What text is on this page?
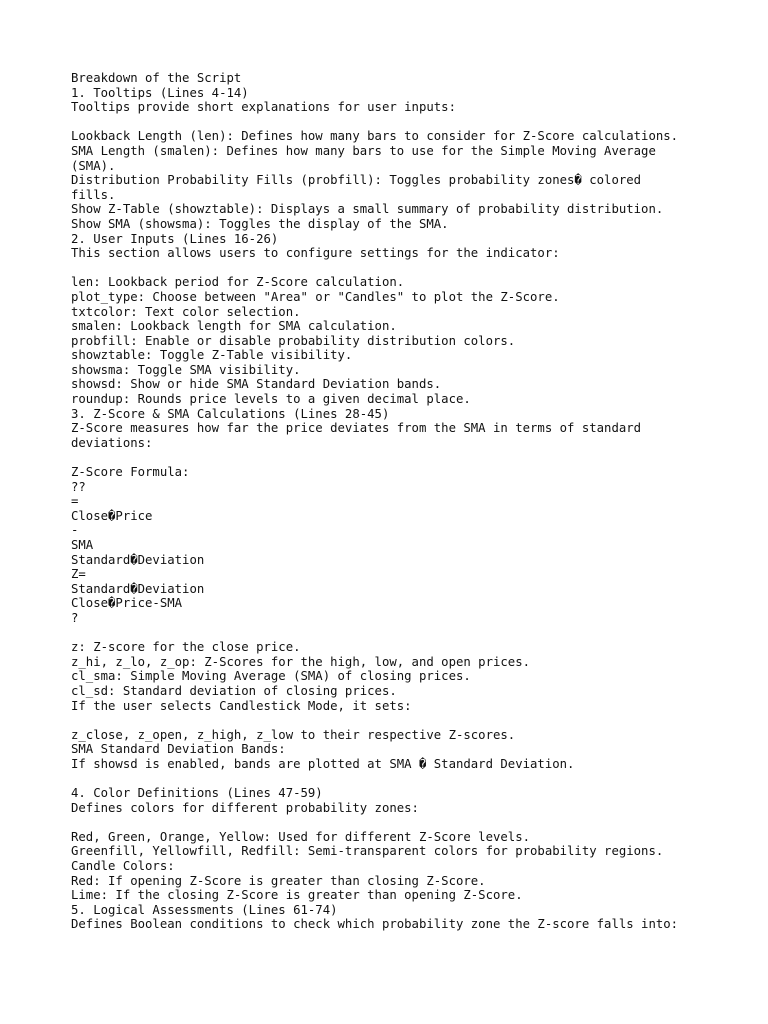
Breakdown of the Script
1. Tooltips (Lines 4-14)
Tooltips provide short explanations for user inputs:
Lookback Length (len): Defines how many bars to consider for Z-Score calculations.
SMA Length (smalen): Defines how many bars to use for the Simple Moving Average
(SMA).
Distribution Probability Fills (probfill): Toggles probability zones� colored
fills.
Show Z-Table (showztable): Displays a small summary of probability distribution.
Show SMA (showsma): Toggles the display of the SMA.
2. User Inputs (Lines 16-26)
This section allows users to configure settings for the indicator:
len: Lookback period for Z-Score calculation.
plot_type: Choose between "Area" or "Candles" to plot the Z-Score.
txtcolor: Text color selection.
smalen: Lookback length for SMA calculation.
probfill: Enable or disable probability distribution colors.
showztable: Toggle Z-Table visibility.
showsma: Toggle SMA visibility.
showsd: Show or hide SMA Standard Deviation bands.
roundup: Rounds price levels to a given decimal place.
3. Z-Score & SMA Calculations (Lines 28-45)
Z-Score measures how far the price deviates from the SMA in terms of standard
deviations:
Z-Score Formula:
??
=
Close�Price
-
SMA
Standard�Deviation
Z=
Standard�Deviation
Close�Price-SMA
?
z: Z-score for the close price.
z_hi, z_lo, z_op: Z-Scores for the high, low, and open prices.
cl_sma: Simple Moving Average (SMA) of closing prices.
cl_sd: Standard deviation of closing prices.
If the user selects Candlestick Mode, it sets:
z_close, z_open, z_high, z_low to their respective Z-scores.
SMA Standard Deviation Bands:
If showsd is enabled, bands are plotted at SMA � Standard Deviation.
4. Color Definitions (Lines 47-59)
Defines colors for different probability zones:
Red, Green, Orange, Yellow: Used for different Z-Score levels.
Greenfill, Yellowfill, Redfill: Semi-transparent colors for probability regions.
Candle Colors:
Red: If opening Z-Score is greater than closing Z-Score.
Lime: If the closing Z-Score is greater than opening Z-Score.
5. Logical Assessments (Lines 61-74)
Defines Boolean conditions to check which probability zone the Z-score falls into:
